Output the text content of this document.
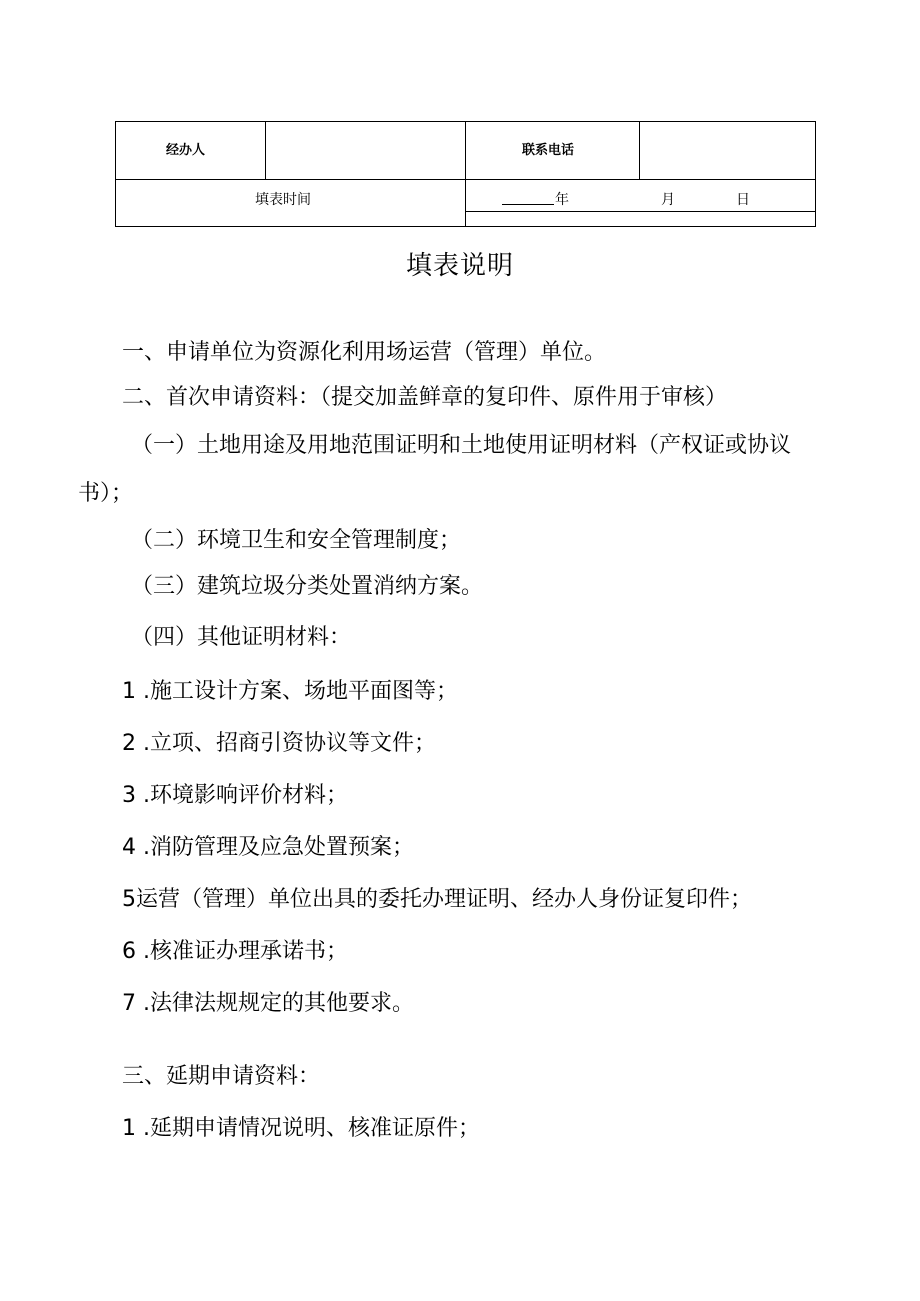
经办人	联系电话
填表时间	年	月	日
填表说明
一、申请单位为资源化利用场运营（管理）单位。
二、首次申请资料：（提交加盖鲜章的复印件、原件用于审核）
（一）土地用途及用地范围证明和土地使用证明材料（产权证或协议
书）；
（二）环境卫生和安全管理制度；
（三）建筑垃圾分类处置消纳方案。
（四）其他证明材料：
1 .施工设计方案、场地平面图等；
2 .立项、招商引资协议等文件；
3 .环境影响评价材料；
4 .消防管理及应急处置预案；
5运营（管理）单位出具的委托办理证明、经办人身份证复印件；
6 .核准证办理承诺书；
7 .法律法规规定的其他要求。
三、延期申请资料：
1 .延期申请情况说明、核准证原件；
